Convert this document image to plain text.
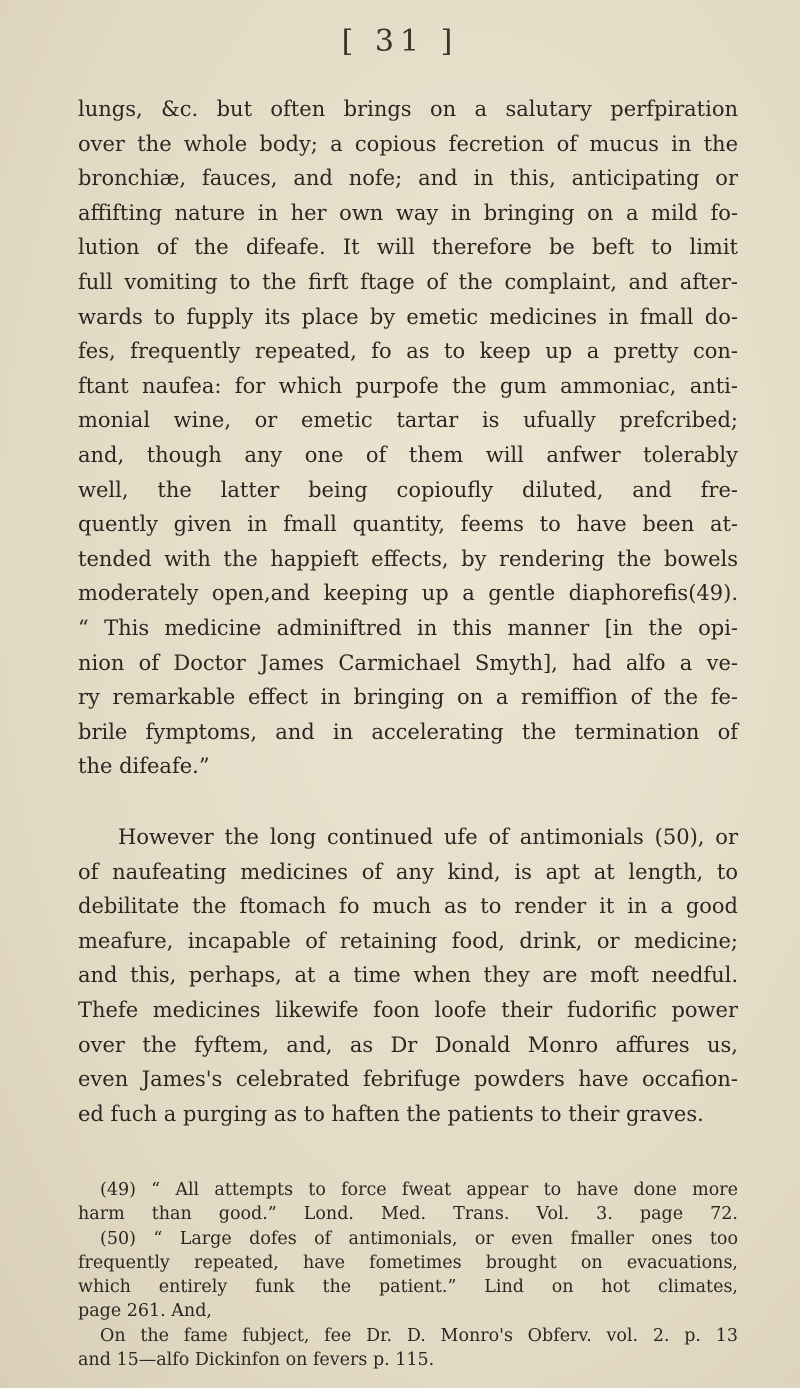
[ 31 ]
lungs, &c. but often brings on a salutary perfpiration
over the whole body; a copious fecretion of mucus in the
bronchiæ, fauces, and nofe; and in this, anticipating or
affifting nature in her own way in bringing on a mild fo-
lution of the difeafe. It will therefore be beft to limit
full vomiting to the firft ftage of the complaint, and after-
wards to fupply its place by emetic medicines in fmall do-
fes, frequently repeated, fo as to keep up a pretty con-
ftant naufea: for which purpofe the gum ammoniac, anti-
monial wine, or emetic tartar is ufually prefcribed;
and, though any one of them will anfwer tolerably
well, the latter being copioufly diluted, and fre-
quently given in fmall quantity, feems to have been at-
tended with the happieft effects, by rendering the bowels
moderately open,and keeping up a gentle diaphorefis(49).
“ This medicine adminiftred in this manner [in the opi-
nion of Doctor James Carmichael Smyth], had alfo a ve-
ry remarkable effect in bringing on a remiffion of the fe-
brile fymptoms, and in accelerating the termination of
the difeafe.”
However the long continued ufe of antimonials (50), or
of naufeating medicines of any kind, is apt at length, to
debilitate the ftomach fo much as to render it in a good
meafure, incapable of retaining food, drink, or medicine;
and this, perhaps, at a time when they are moft needful.
Thefe medicines likewife foon loofe their fudorific power
over the fyftem, and, as Dr Donald Monro affures us,
even James's celebrated febrifuge powders have occafion-
ed fuch a purging as to haften the patients to their graves.
(49) “ All attempts to force fweat appear to have done more
harm than good.” Lond. Med. Trans. Vol. 3. page 72.
(50) “ Large dofes of antimonials, or even fmaller ones too
frequently repeated, have fometimes brought on evacuations,
which entirely funk the patient.” Lind on hot climates,
page 261. And,
On the fame fubject, fee Dr. D. Monro's Obferv. vol. 2. p. 13
and 15—alfo Dickinfon on fevers p. 115.
